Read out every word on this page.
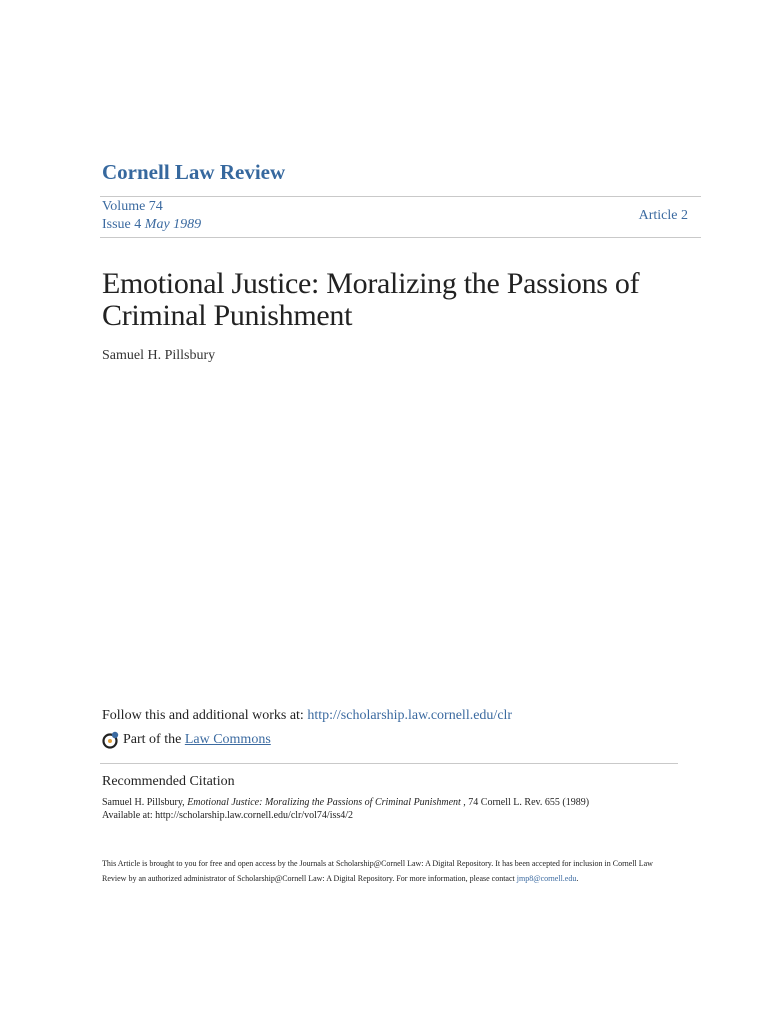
Cornell Law Review
Volume 74
Issue 4 May 1989
Article 2
Emotional Justice: Moralizing the Passions of Criminal Punishment
Samuel H. Pillsbury
Follow this and additional works at: http://scholarship.law.cornell.edu/clr
Part of the
Law Commons
Recommended Citation
Samuel H. Pillsbury, Emotional Justice: Moralizing the Passions of Criminal Punishment , 74 Cornell L. Rev. 655 (1989)
Available at: http://scholarship.law.cornell.edu/clr/vol74/iss4/2
This Article is brought to you for free and open access by the Journals at Scholarship@Cornell Law: A Digital Repository. It has been accepted for inclusion in Cornell Law Review by an authorized administrator of Scholarship@Cornell Law: A Digital Repository. For more information, please contact jmp8@cornell.edu.
